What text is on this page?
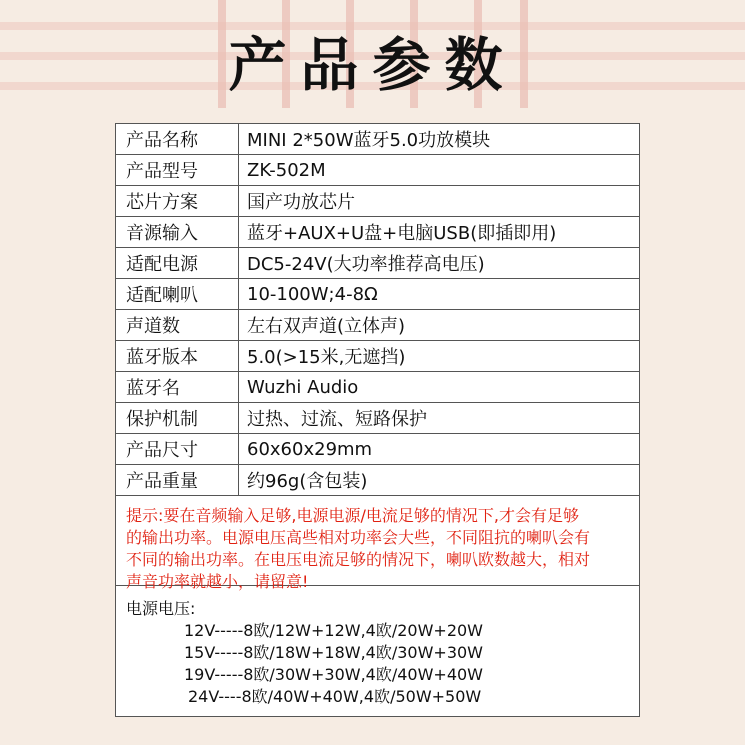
产品参数
产品名称	MINI 2*50W蓝牙5.0功放模块
产品型号	ZK-502M
芯片方案	国产功放芯片
音源输入	蓝牙+AUX+U盘+电脑USB(即插即用)
适配电源	DC5-24V(大功率推荐高电压)
适配喇叭	10-100W;4-8Ω
声道数	左右双声道(立体声)
蓝牙版本	5.0(>15米,无遮挡)
蓝牙名	Wuzhi Audio
保护机制	过热、过流、短路保护
产品尺寸	60x60x29mm
产品重量	约96g(含包装)
提示:要在音频输入足够,电源电源/电流足够的情况下,才会有足够
的输出功率。电源电压高些相对功率会大些，不同阻抗的喇叭会有
不同的输出功率。在电压电流足够的情况下，喇叭欧数越大，相对
声音功率就越小，请留意!
电源电压:
12V-----8欧/12W+12W,4欧/20W+20W
15V-----8欧/18W+18W,4欧/30W+30W
19V-----8欧/30W+30W,4欧/40W+40W
24V----8欧/40W+40W,4欧/50W+50W
